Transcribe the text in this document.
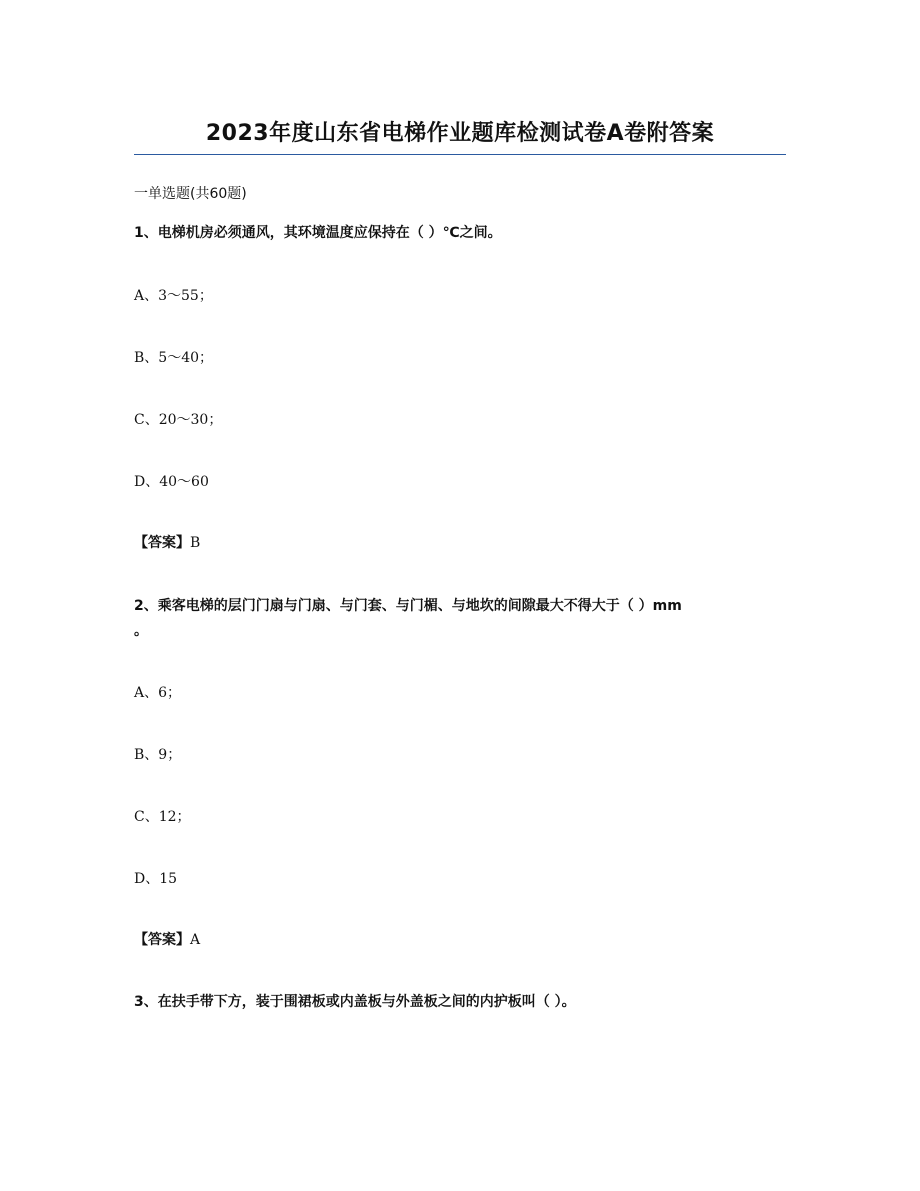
2023年度山东省电梯作业题库检测试卷A卷附答案
一单选题(共60题)
1、电梯机房必须通风，其环境温度应保持在（ ）℃之间。
A、3～55；
B、5～40；
C、20～30；
D、40～60
【答案】B
2、乘客电梯的层门门扇与门扇、与门套、与门楣、与地坎的间隙最大不得大于（ ）mm
。
A、6；
B、9；
C、12；
D、15
【答案】A
3、在扶手带下方，装于围裙板或内盖板与外盖板之间的内护板叫（ ）。
